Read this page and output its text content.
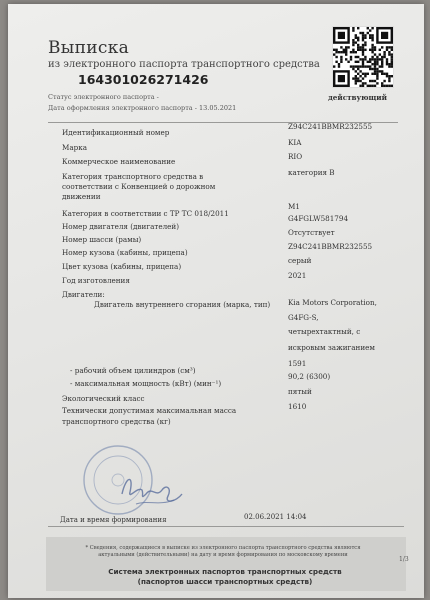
Выписка
из электронного паспорта транспортного средства
164301026271426
Статус электронного паспорта -	действующий
Дата оформления электронного паспорта - 13.05.2021
Идентификационный номер
Z94C241BBMR232555
Марка
KIA
Коммерческое наименование
RIO
Категория транспортного средства в
соответствии с Конвенцией о дорожном
движении
категория B
Категория в соответствии с ТР ТС 018/2011
M1
Номер двигателя (двигателей)
G4FGLW581794
Номер шасси (рамы)
Отсутствует
Номер кузова (кабины, прицепа)
Z94C241BBMR232555
Цвет кузова (кабины, прицепа)
серый
Год изготовления
2021
Двигатели:
Двигатель внутреннего сгорания (марка, тип) Kia Motors Corporation,
G4FG-S,
четырехтактный, с
искровым зажиганием
- рабочий объем цилиндров (см³)
1591
- максимальная мощность (кВт) (мин⁻¹)
90,2 (6300)
Экологический класс
пятый
Технически допустимая максимальная масса
транспортного средства (кг)
1610
Дата и время формирования	02.06.2021 14:04
* Сведения, содержащиеся в выписке из электронного паспорта транспортного средства являются
актуальными (действительными) на дату и время формирования по московскому времени
1/3
Система электронных паспортов транспортных средств
(паспортов шасси транспортных средств)
